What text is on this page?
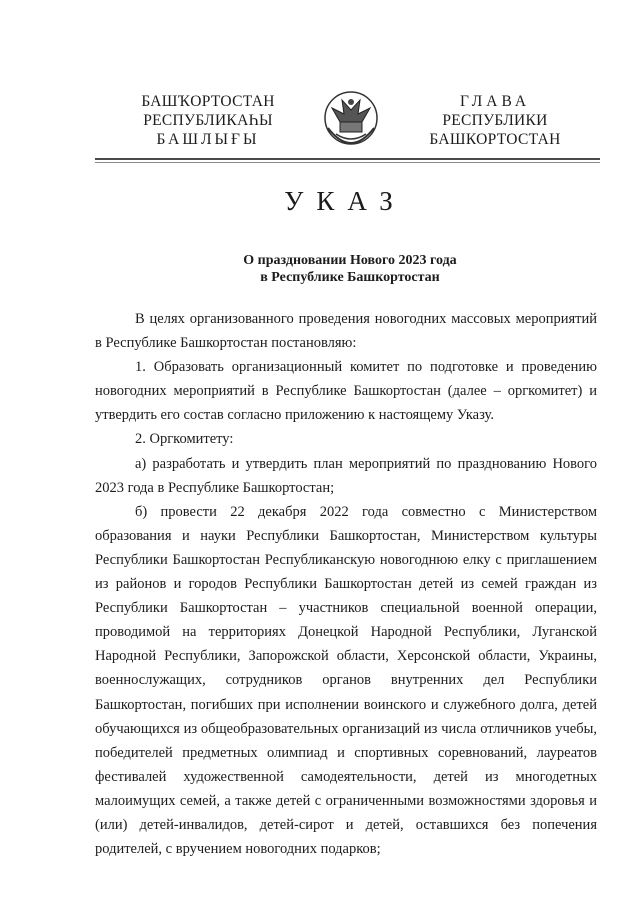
БАШҠОРТОСТАН
РЕСПУБЛИКАҺЫ
БАШЛЫҒЫ
ГЛАВА
РЕСПУБЛИКИ
БАШКОРТОСТАН
УКАЗ
О праздновании Нового 2023 года
в Республике Башкортостан

В целях организованного проведения новогодних массовых мероприятий в Республике Башкортостан постановляю:

1. Образовать организационный комитет по подготовке и проведению новогодних мероприятий в Республике Башкортостан (далее – оргкомитет) и утвердить его состав согласно приложению к настоящему Указу.

2. Оргкомитету:

а) разработать и утвердить план мероприятий по празднованию Нового 2023 года в Республике Башкортостан;

б) провести 22 декабря 2022 года совместно с Министерством образования и науки Республики Башкортостан, Министерством культуры Республики Башкортостан Республиканскую новогоднюю елку с приглашением из районов и городов Республики Башкортостан детей из семей граждан из Республики Башкортостан – участников специальной военной операции, проводимой на территориях Донецкой Народной Республики, Луганской Народной Республики, Запорожской области, Херсонской области, Украины, военнослужащих, сотрудников органов внутренних дел Республики Башкортостан, погибших при исполнении воинского и служебного долга, детей обучающихся из общеобразовательных организаций из числа отличников учебы, победителей предметных олимпиад и спортивных соревнований, лауреатов фестивалей художественной самодеятельности, детей из многодетных малоимущих семей, а также детей с ограниченными возможностями здоровья и (или) детей-инвалидов, детей-сирот и детей, оставшихся без попечения родителей, с вручением новогодних подарков;
